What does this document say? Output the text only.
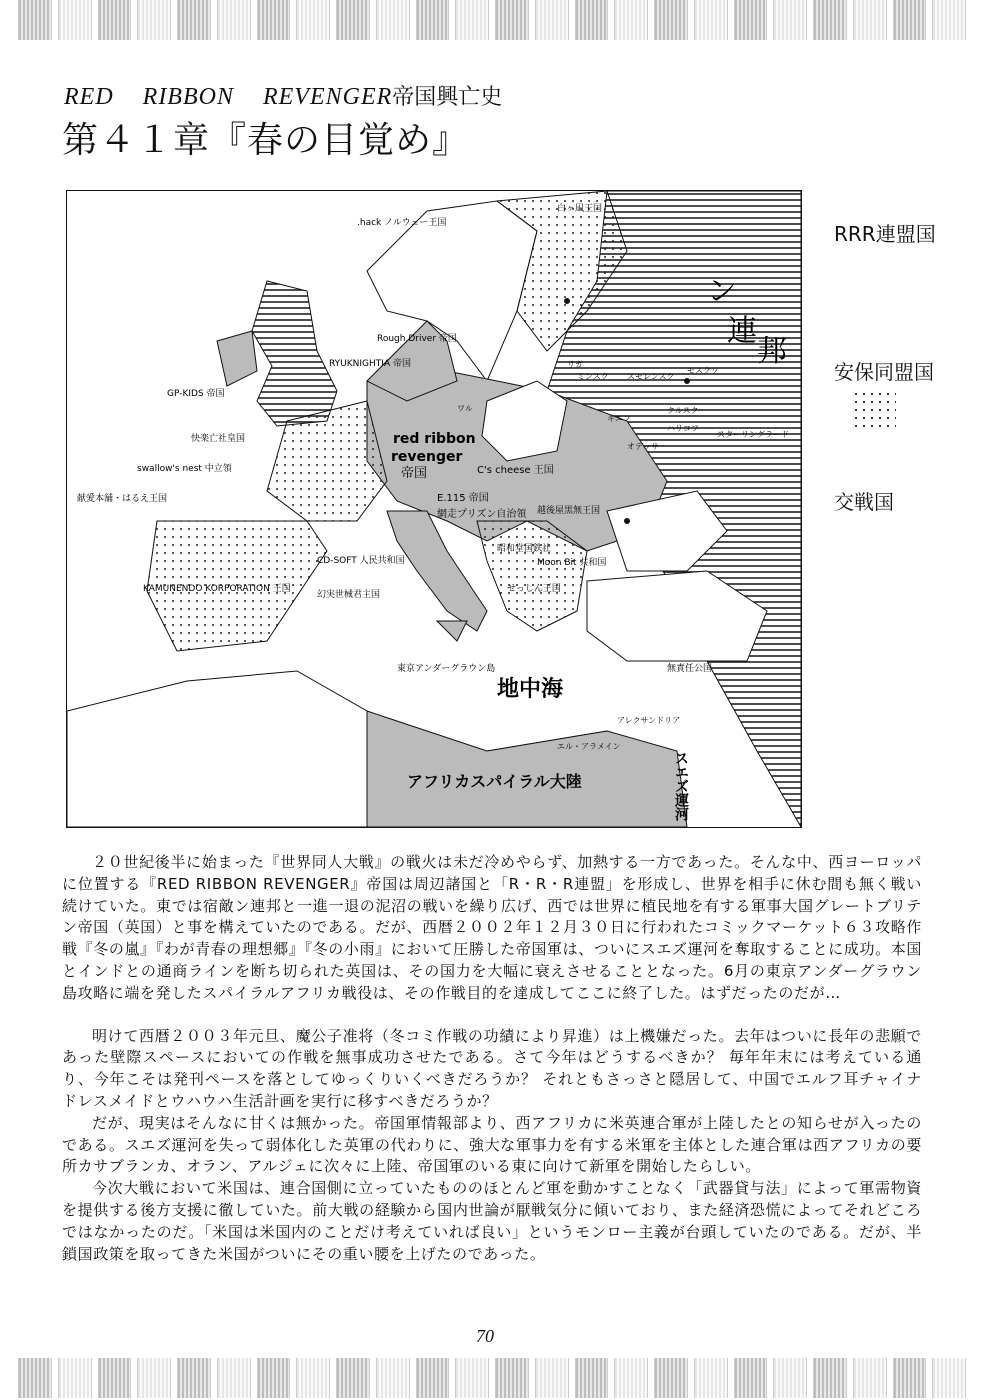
RED RIBBON REVENGER帝国興亡史
第４１章『春の目覚め』
ン
連
邦
.hack ノルウェー王国
白ヶ凪王国
Rough Driver 帝国
RYUKNIGHTIA 帝国
GP-KIDS 帝国
快楽亡社皇国
swallow's nest 中立領
献愛本舗・はるえ王国
red ribbon
revenger
帝国	C's cheese 王国
E.115 帝国
網走プリズン自治領 越後屋黒無王国
昭和堂国鉄社
Moon Bit 共和国
KAMUNENDO KORPORATION 王国
CD-SOFT 人民共和国
幻実世械君主国
せっしん王国
東京アンダーグラウン島	無責任公国
地中海
アレクサンドリア
エル・アラメイン
アフリカスパイラル大陸	スエズ運河
ミンスク スモレンスク
モスクワ
キエフ
クルスク
ハリコフ
スターリングラード
オデッサ
リガ
ワル
RRR連盟国
安保同盟国
交戦国

２０世紀後半に始まった『世界同人大戦』の戦火は未だ冷めやらず、加熱する一方であった。そんな中、西ヨーロッパに位置する『RED RIBBON REVENGER』帝国は周辺諸国と「R・R・R連盟」を形成し、世界を相手に休む間も無く戦い続けていた。東では宿敵ン連邦と一進一退の泥沼の戦いを繰り広げ、西では世界に植民地を有する軍事大国グレートブリテン帝国（英国）と事を構えていたのである。だが、西暦２００２年１２月３０日に行われたコミックマーケット６３攻略作戦『冬の嵐』『わが青春の理想郷』『冬の小雨』において圧勝した帝国軍は、ついにスエズ運河を奪取することに成功。本国とインドとの通商ラインを断ち切られた英国は、その国力を大幅に衰えさせることとなった。6月の東京アンダーグラウン島攻略に端を発したスパイラルアフリカ戦役は、その作戦目的を達成してここに終了した。はずだったのだが…

明けて西暦２００３年元旦、魔公子准将（冬コミ作戦の功績により昇進）は上機嫌だった。去年はついに長年の悲願であった壁際スペースにおいての作戦を無事成功させたである。さて今年はどうするべきか？ 毎年年末には考えている通り、今年こそは発刊ペースを落としてゆっくりいくべきだろうか？ それともさっさと隠居して、中国でエルフ耳チャイナドレスメイドとウハウハ生活計画を実行に移すべきだろうか？

だが、現実はそんなに甘くは無かった。帝国軍情報部より、西アフリカに米英連合軍が上陸したとの知らせが入ったのである。スエズ運河を失って弱体化した英軍の代わりに、強大な軍事力を有する米軍を主体とした連合軍は西アフリカの要所カサブランカ、オラン、アルジェに次々に上陸、帝国軍のいる東に向けて新軍を開始したらしい。

今次大戦において米国は、連合国側に立っていたもののほとんど軍を動かすことなく「武器貸与法」によって軍需物資を提供する後方支援に徹していた。前大戦の経験から国内世論が厭戦気分に傾いており、また経済恐慌によってそれどころではなかったのだ。「米国は米国内のことだけ考えていれば良い」というモンロー主義が台頭していたのである。だが、半鎖国政策を取ってきた米国がついにその重い腰を上げたのであった。

70
